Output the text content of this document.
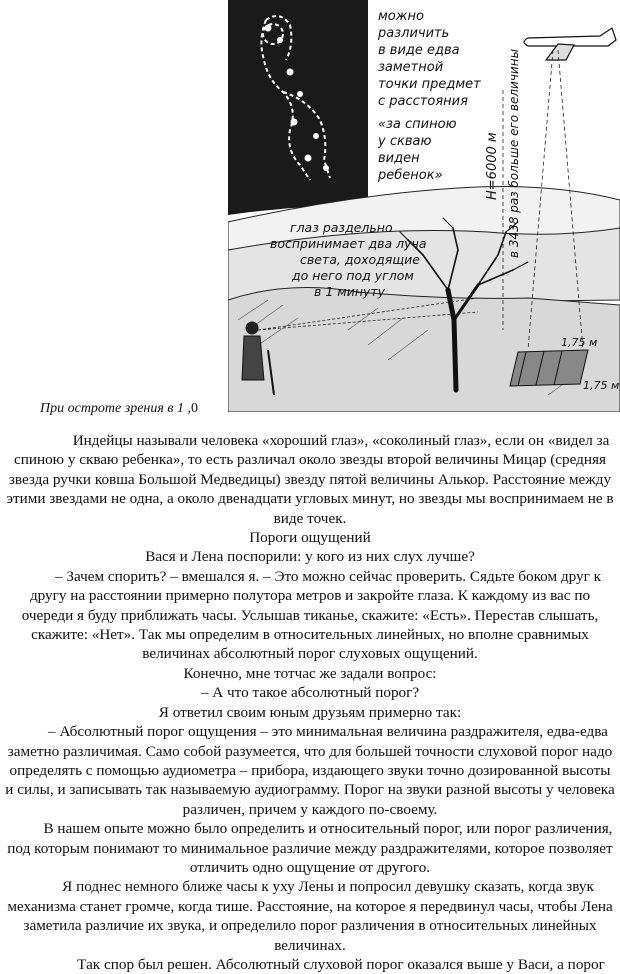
можно
различить
в виде едва
заметной
точки предмет
с расстояния
«за спиною
у скваю
виден
ребенок»
глаз раздельно
воспринимает два луча
света, доходящие
до него под углом
в 1 минуту
H=6000 м в 3438 раз больше его величины
1,75 м
1,75 м
При остроте зрения в 1 ,0

Индейцы называли человека «хороший глаз», «соколиный глаз», если он «видел за спиною у скваю ребенка», то есть различал около звезды второй величины Мицар (средняя звезда ручки ковша Большой Медведицы) звезду пятой величины Алькор. Расстояние между этими звездами не одна, а около двенадцати угловых минут, но звезды мы воспринимаем не в виде точек.

Пороги ощущений

Вася и Лена поспорили: у кого из них слух лучше?

– Зачем спорить? – вмешался я. – Это можно сейчас проверить. Сядьте боком друг к другу на расстоянии примерно полутора метров и закройте глаза. К каждому из вас по очереди я буду приближать часы. Услышав тиканье, скажите: «Есть». Перестав слышать, скажите: «Нет». Так мы определим в относительных линейных, но вполне сравнимых величинах абсолютный порог слуховых ощущений.

Конечно, мне тотчас же задали вопрос:

– А что такое абсолютный порог?

Я ответил своим юным друзьям примерно так:

– Абсолютный порог ощущения – это минимальная величина раздражителя, едва-едва заметно различимая. Само собой разумеется, что для большей точности слуховой порог надо определять с помощью аудиометра – прибора, издающего звуки точно дозированной высоты и силы, и записывать так называемую аудиограмму. Порог на звуки разной высоты у человека различен, причем у каждого по-своему.

В нашем опыте можно было определить и относительный порог, или порог различения, под которым понимают то минимальное различие между раздражителями, которое позволяет отличить одно ощущение от другого.

Я поднес немного ближе часы к уху Лены и попросил девушку сказать, когда звук механизма станет громче, когда тише. Расстояние, на которое я передвинул часы, чтобы Лена заметила различие их звука, и определило порог различения в относительных линейных величинах.

Так спор был решен. Абсолютный слуховой порог оказался выше у Васи, а порог
